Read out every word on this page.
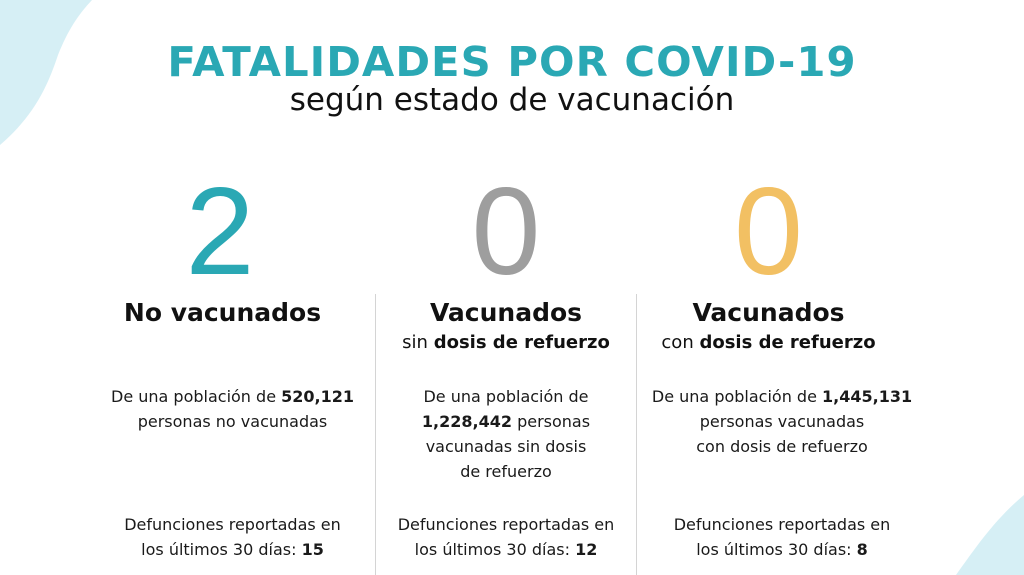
FATALIDADES POR COVID-19
según estado de vacunación
2
No vacunados
De una población de 520,121
personas no vacunadas
Defunciones reportadas en
los últimos 30 días: 15
0
Vacunados
sin dosis de refuerzo
De una población de
1,228,442 personas
vacunadas sin dosis
de refuerzo
Defunciones reportadas en
los últimos 30 días: 12
0
Vacunados
con dosis de refuerzo
De una población de 1,445,131
personas vacunadas
con dosis de refuerzo
Defunciones reportadas en
los últimos 30 días: 8
